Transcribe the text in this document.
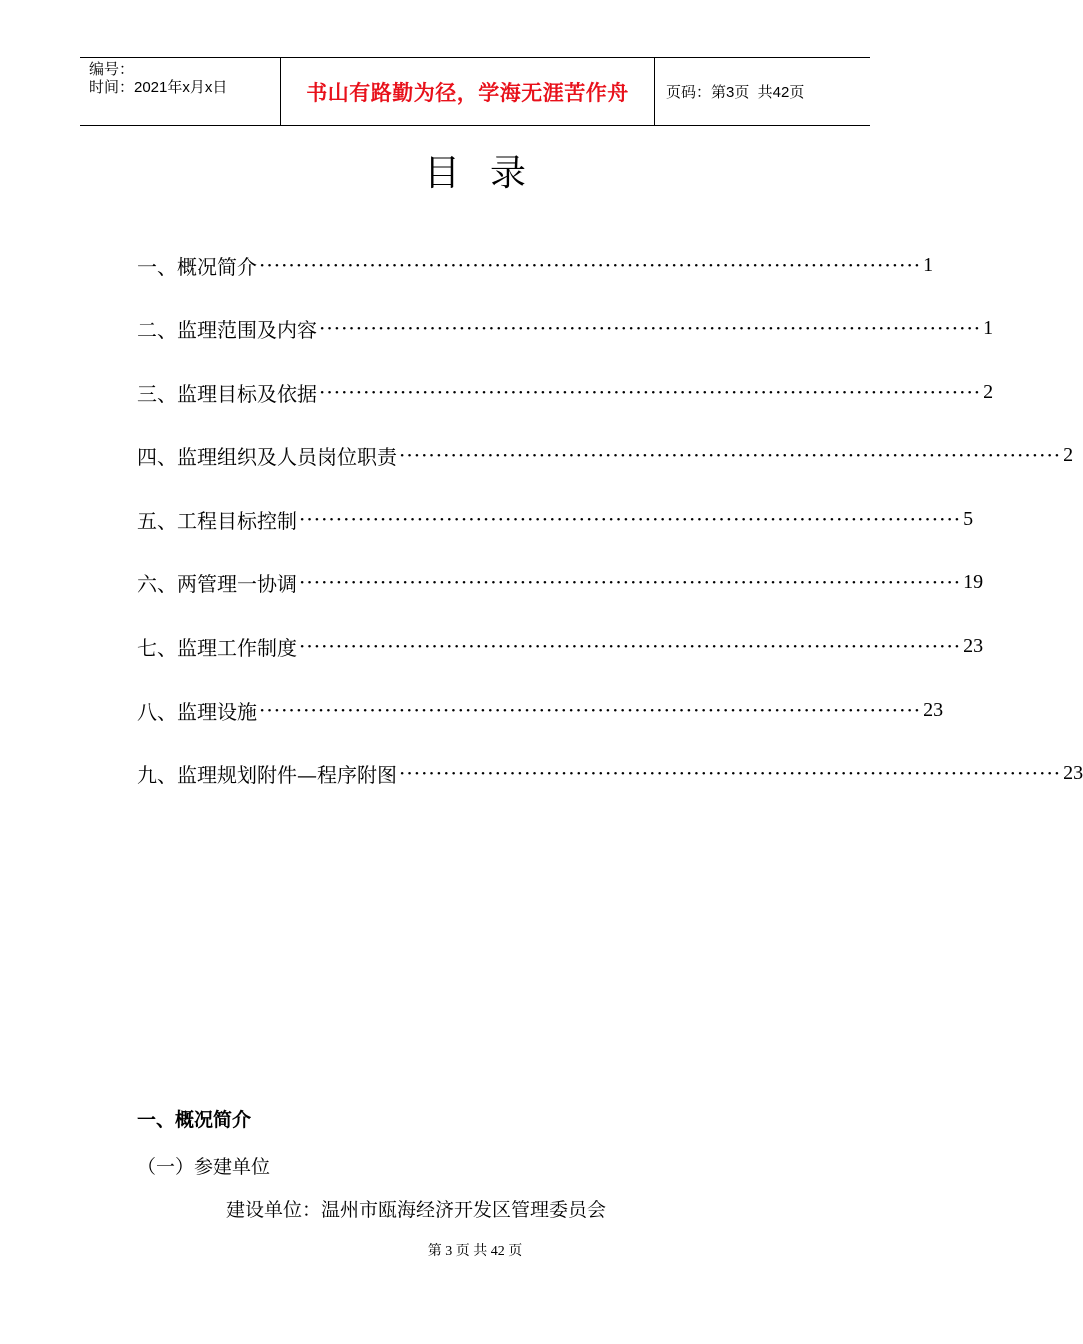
编号：
时间：2021年x月x日	书山有路勤为径，学海无涯苦作舟 页码：第3页  共42页
目录
一、概况简介 ·························································································· 1
二、监理范围及内容 ·························································································· 1
三、监理目标及依据 ·························································································· 2
四、监理组织及人员岗位职责 ·························································································· 2
五、工程目标控制 ·························································································· 5
六、两管理一协调 ·························································································· 19
七、监理工作制度 ·························································································· 23
八、监理设施 ·························································································· 23
九、监理规划附件—程序附图 ·························································································· 23
一、概况简介
（一）参建单位
建设单位：温州市瓯海经济开发区管理委员会
第 3 页 共 42 页
